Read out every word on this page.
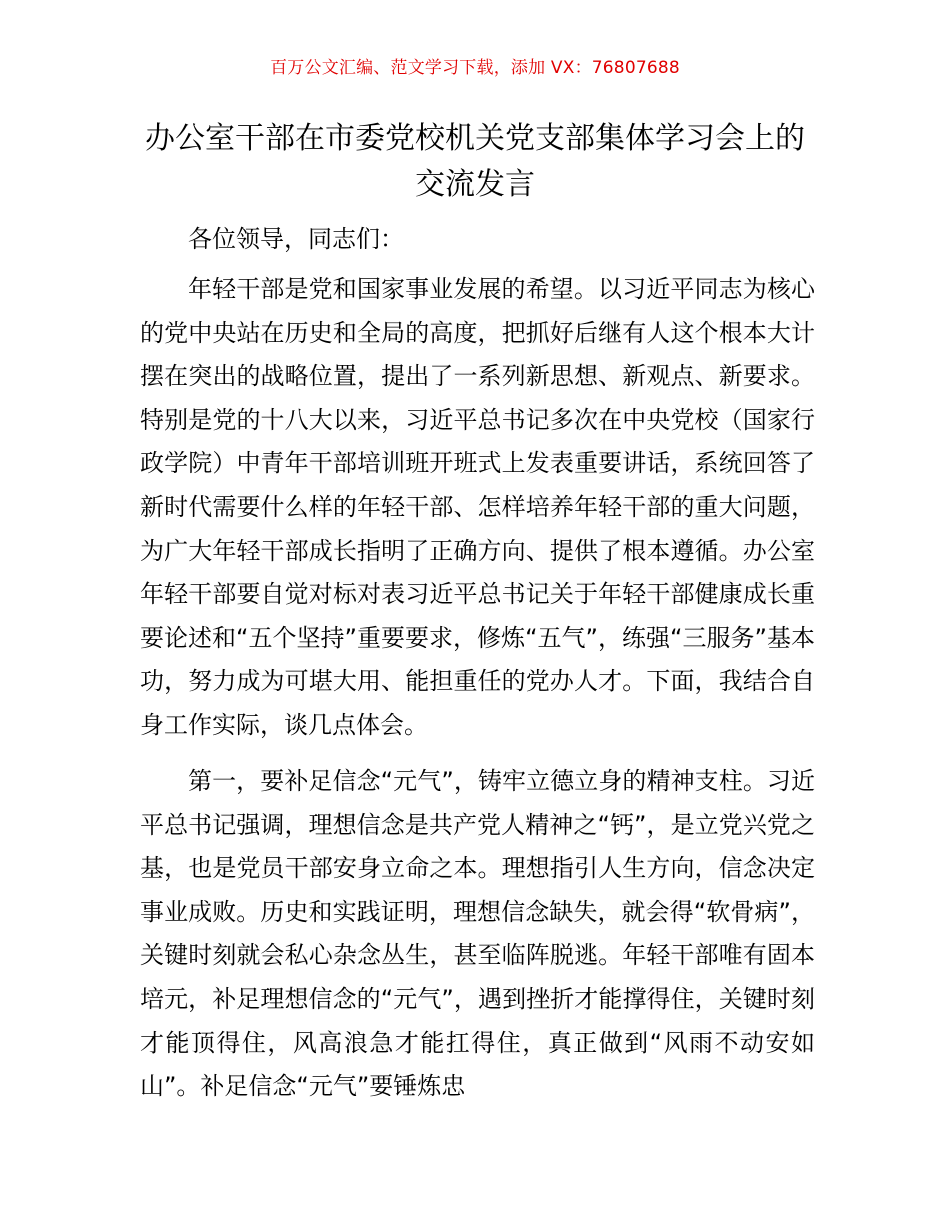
百万公文汇编、范文学习下载，添加 VX：76807688
办公室干部在市委党校机关党支部集体学习会上的交流发言

各位领导，同志们：

年轻干部是党和国家事业发展的希望。以习近平同志为核心的党中央站在历史和全局的高度，把抓好后继有人这个根本大计摆在突出的战略位置，提出了一系列新思想、新观点、新要求。特别是党的十八大以来，习近平总书记多次在中央党校（国家行政学院）中青年干部培训班开班式上发表重要讲话，系统回答了新时代需要什么样的年轻干部、怎样培养年轻干部的重大问题，为广大年轻干部成长指明了正确方向、提供了根本遵循。办公室年轻干部要自觉对标对表习近平总书记关于年轻干部健康成长重要论述和“五个坚持”重要要求，修炼“五气”，练强“三服务”基本功，努力成为可堪大用、能担重任的党办人才。下面，我结合自身工作实际，谈几点体会。

第一，要补足信念“元气”，铸牢立德立身的精神支柱。习近平总书记强调，理想信念是共产党人精神之“钙”，是立党兴党之基，也是党员干部安身立命之本。理想指引人生方向，信念决定事业成败。历史和实践证明，理想信念缺失，就会得“软骨病”，关键时刻就会私心杂念丛生，甚至临阵脱逃。年轻干部唯有固本培元，补足理想信念的“元气”，遇到挫折才能撑得住，关键时刻才能顶得住，风高浪急才能扛得住，真正做到“风雨不动安如山”。补足信念“元气”要锤炼忠
